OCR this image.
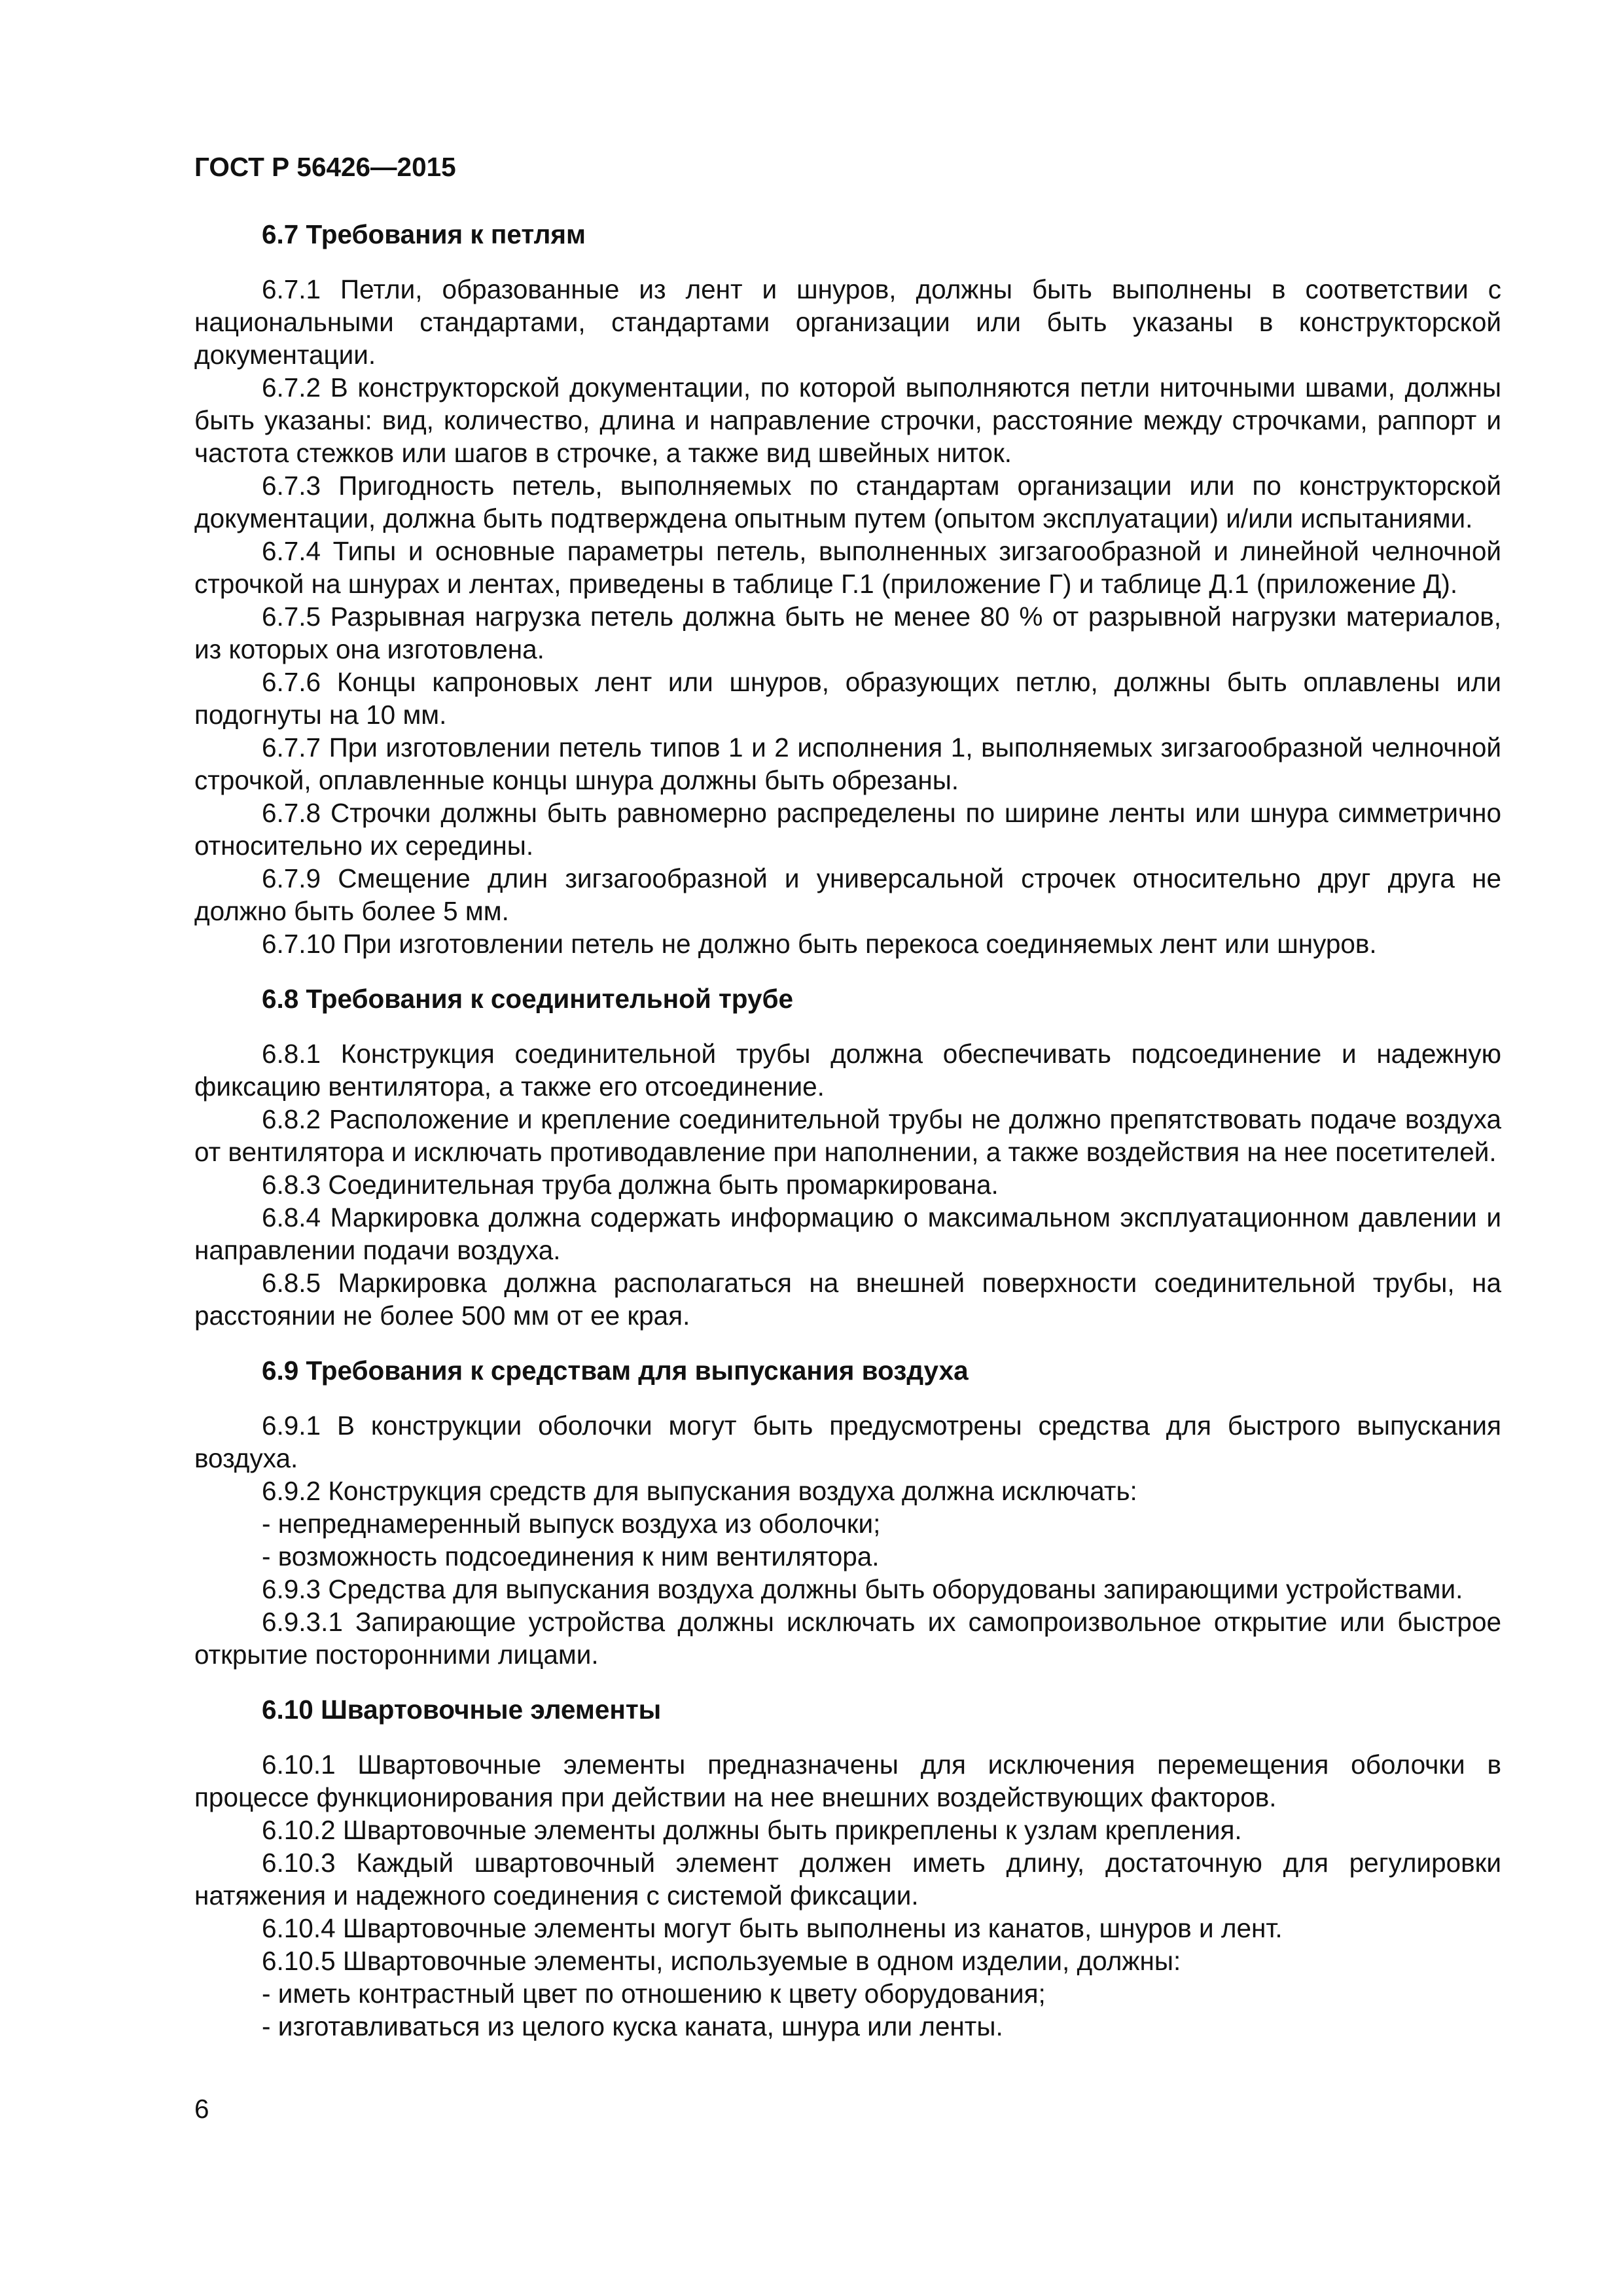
ГОСТ Р 56426—2015
6.7 Требования к петлям

6.7.1 Петли, образованные из лент и шнуров, должны быть выполнены в соответствии с национальными стандартами, стандартами организации или быть указаны в конструкторской документации.

6.7.2 В конструкторской документации, по которой выполняются петли ниточными швами, должны быть указаны: вид, количество, длина и направление строчки, расстояние между строчками, раппорт и частота стежков или шагов в строчке, а также вид швейных ниток.

6.7.3 Пригодность петель, выполняемых по стандартам организации или по конструкторской документации, должна быть подтверждена опытным путем (опытом эксплуатации) и/или испытаниями.

6.7.4 Типы и основные параметры петель, выполненных зигзагообразной и линейной челночной строчкой на шнурах и лентах, приведены в таблице Г.1 (приложение Г) и таблице Д.1 (приложение Д).

6.7.5 Разрывная нагрузка петель должна быть не менее 80 % от разрывной нагрузки материалов, из которых она изготовлена.

6.7.6 Концы капроновых лент или шнуров, образующих петлю, должны быть оплавлены или подогнуты на 10 мм.

6.7.7 При изготовлении петель типов 1 и 2 исполнения 1, выполняемых зигзагообразной челночной строчкой, оплавленные концы шнура должны быть обрезаны.

6.7.8 Строчки должны быть равномерно распределены по ширине ленты или шнура симметрично относительно их середины.

6.7.9 Смещение длин зигзагообразной и универсальной строчек относительно друг друга не должно быть более 5 мм.

6.7.10 При изготовлении петель не должно быть перекоса соединяемых лент или шнуров.

6.8 Требования к соединительной трубе

6.8.1 Конструкция соединительной трубы должна обеспечивать подсоединение и надежную фиксацию вентилятора, а также его отсоединение.

6.8.2 Расположение и крепление соединительной трубы не должно препятствовать подаче воздуха от вентилятора и исключать противодавление при наполнении, а также воздействия на нее посетителей.

6.8.3 Соединительная труба должна быть промаркирована.

6.8.4 Маркировка должна содержать информацию о максимальном эксплуатационном давлении и направлении подачи воздуха.

6.8.5 Маркировка должна располагаться на внешней поверхности соединительной трубы, на расстоянии не более 500 мм от ее края.

6.9 Требования к средствам для выпускания воздуха

6.9.1 В конструкции оболочки могут быть предусмотрены средства для быстрого выпускания воздуха.

6.9.2 Конструкция средств для выпускания воздуха должна исключать:

- непреднамеренный выпуск воздуха из оболочки;

- возможность подсоединения к ним вентилятора.

6.9.3 Средства для выпускания воздуха должны быть оборудованы запирающими устройствами.

6.9.3.1 Запирающие устройства должны исключать их самопроизвольное открытие или быстрое открытие посторонними лицами.

6.10 Швартовочные элементы

6.10.1 Швартовочные элементы предназначены для исключения перемещения оболочки в процессе функционирования при действии на нее внешних воздействующих факторов.

6.10.2 Швартовочные элементы должны быть прикреплены к узлам крепления.

6.10.3 Каждый швартовочный элемент должен иметь длину, достаточную для регулировки натяжения и надежного соединения с системой фиксации.

6.10.4 Швартовочные элементы могут быть выполнены из канатов, шнуров и лент.

6.10.5 Швартовочные элементы, используемые в одном изделии, должны:

- иметь контрастный цвет по отношению к цвету оборудования;

- изготавливаться из целого куска каната, шнура или ленты.

6
